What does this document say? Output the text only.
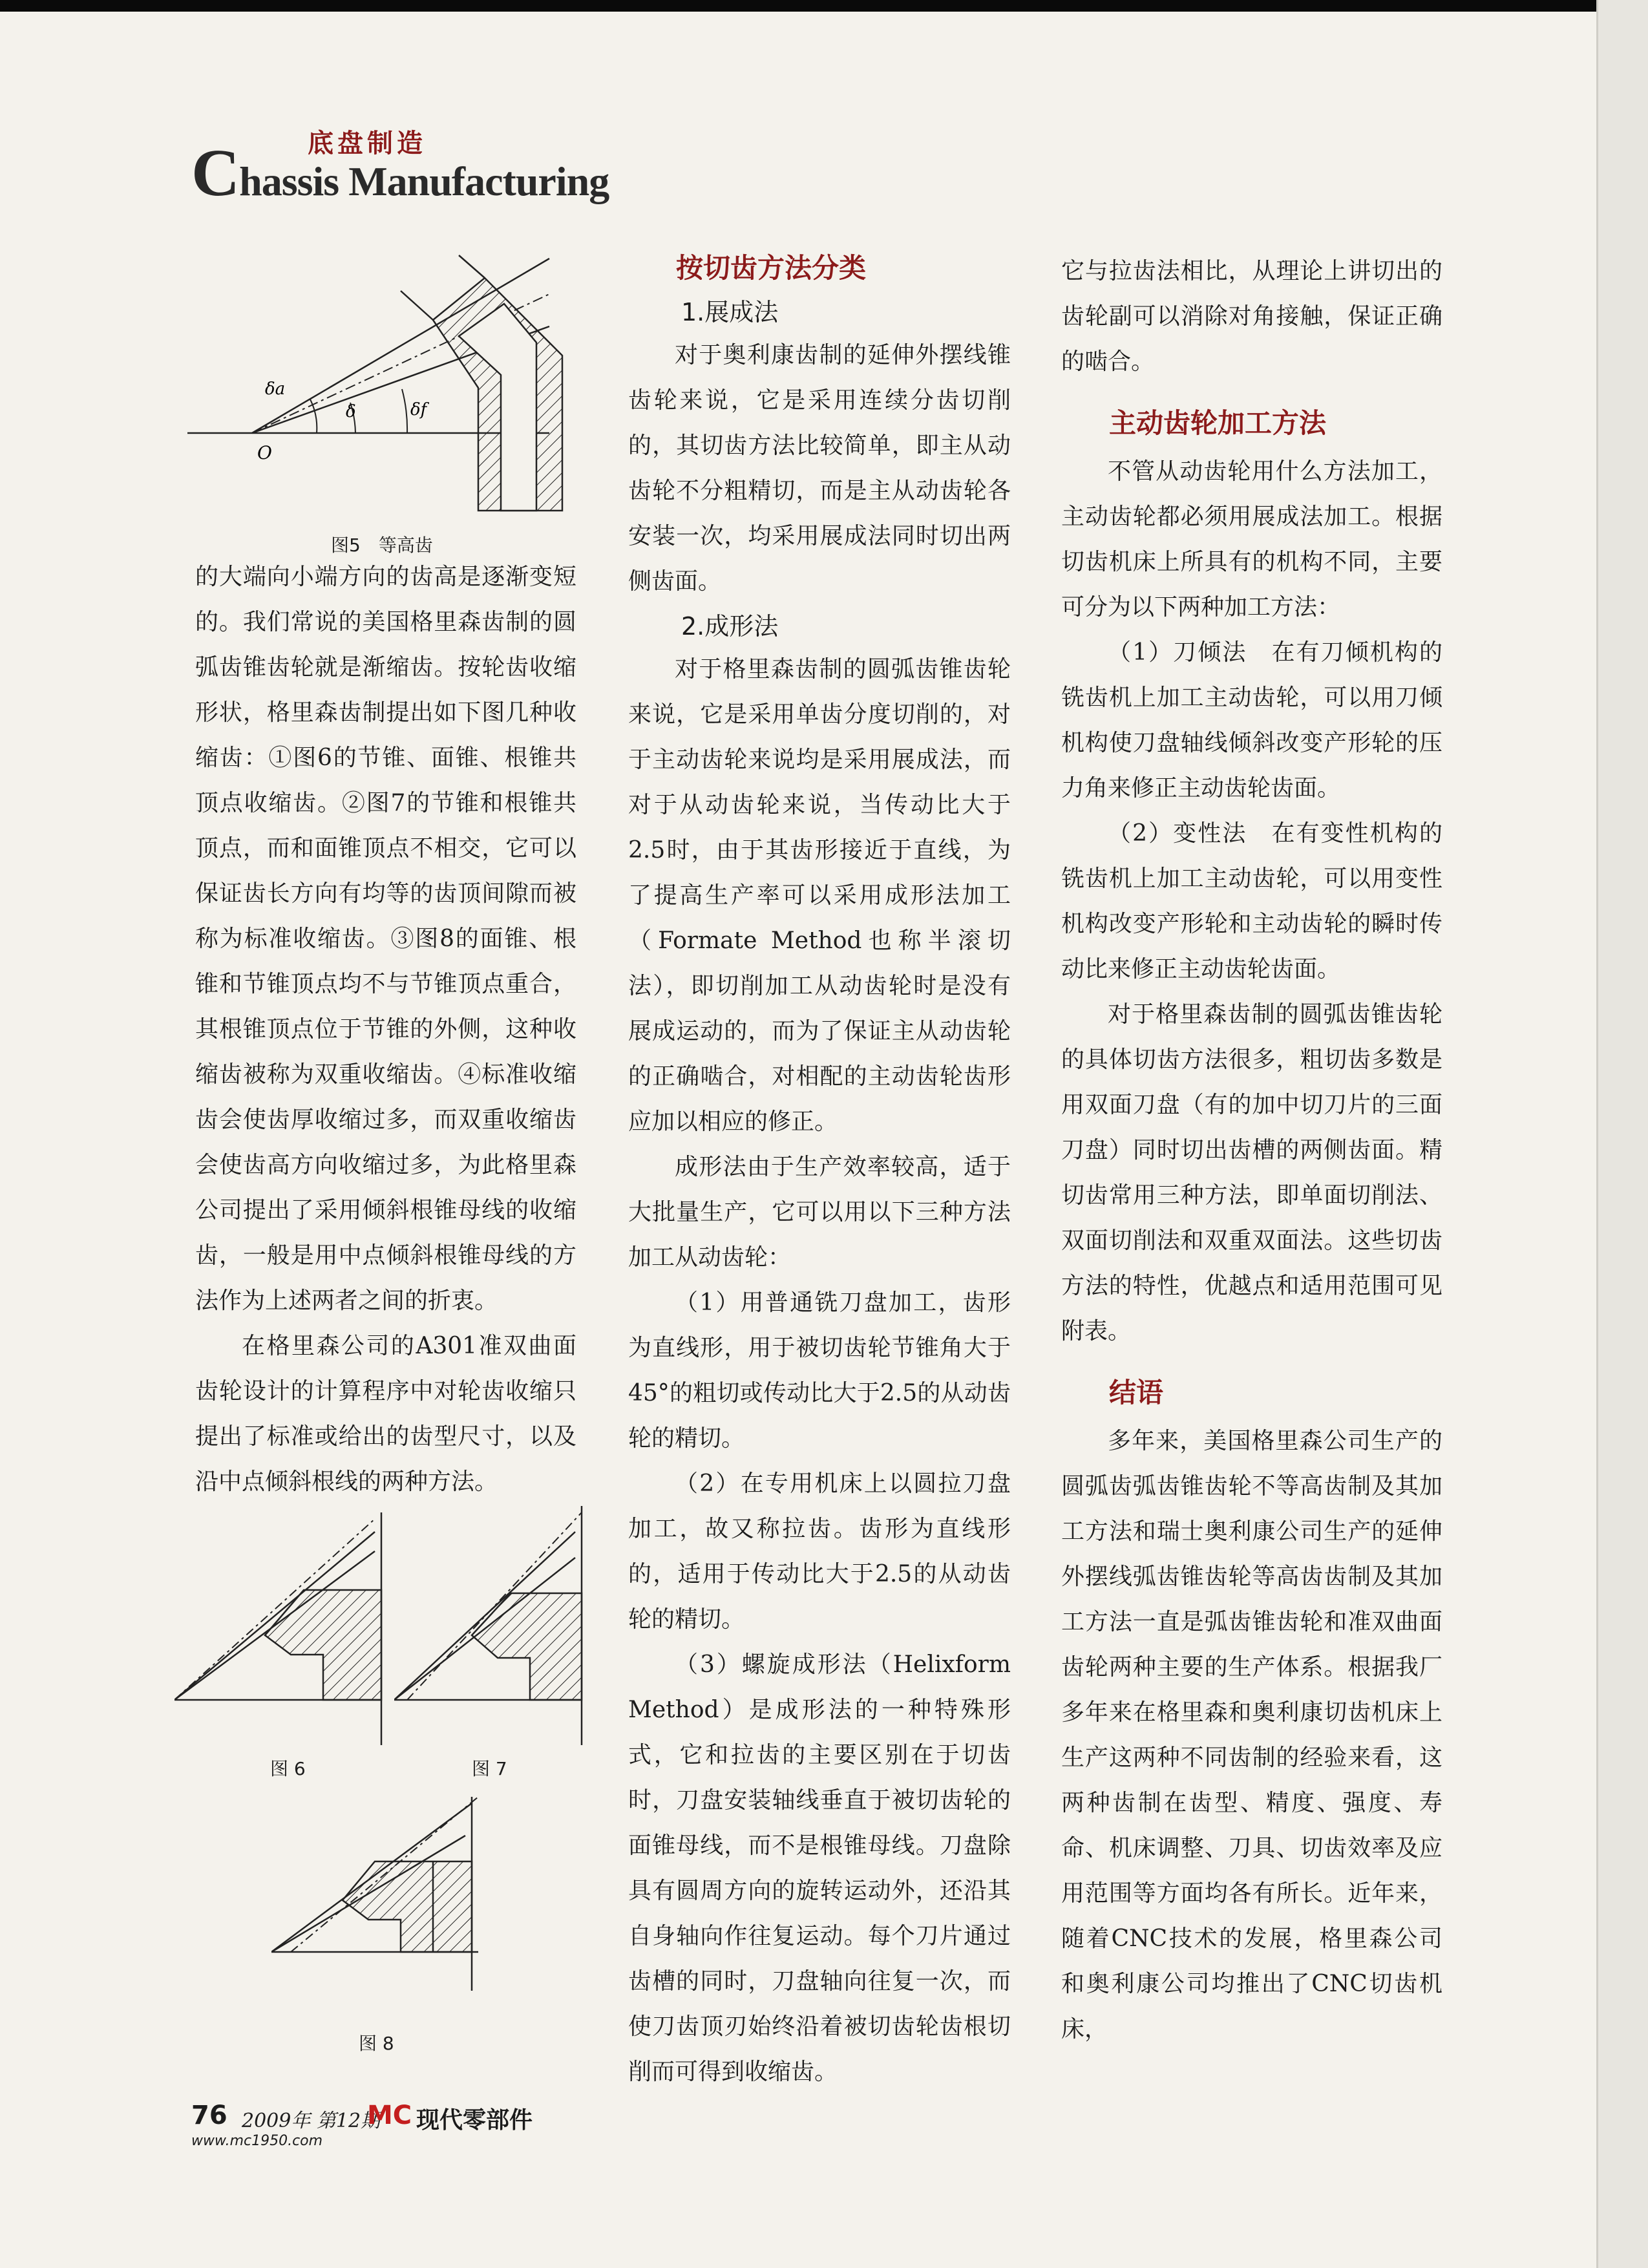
底盘制造
Chassis Manufacturing
δa
δ	δf
O
图5　等高齿

的大端向小端方向的齿高是逐渐变短的。我们常说的美国格里森齿制的圆弧齿锥齿轮就是渐缩齿。按轮齿收缩形状，格里森齿制提出如下图几种收缩齿：①图6的节锥、面锥、根锥共顶点收缩齿。②图7的节锥和根锥共顶点，而和面锥顶点不相交，它可以保证齿长方向有均等的齿顶间隙而被称为标准收缩齿。③图8的面锥、根锥和节锥顶点均不与节锥顶点重合，其根锥顶点位于节锥的外侧，这种收缩齿被称为双重收缩齿。④标准收缩齿会使齿厚收缩过多，而双重收缩齿会使齿高方向收缩过多，为此格里森公司提出了采用倾斜根锥母线的收缩齿，一般是用中点倾斜根锥母线的方法作为上述两者之间的折衷。

在格里森公司的A301准双曲面齿轮设计的计算程序中对轮齿收缩只提出了标准或给出的齿型尺寸，以及沿中点倾斜根线的两种方法。

图 6	图 7
图 8
按切齿方法分类
1.展成法

对于奥利康齿制的延伸外摆线锥齿轮来说，它是采用连续分齿切削的，其切齿方法比较简单，即主从动齿轮不分粗精切，而是主从动齿轮各安装一次，均采用展成法同时切出两侧齿面。

2.成形法

对于格里森齿制的圆弧齿锥齿轮来说，它是采用单齿分度切削的，对于主动齿轮来说均是采用展成法，而对于从动齿轮来说，当传动比大于2.5时，由于其齿形接近于直线，为了提高生产率可以采用成形法加工（Formate Method也称半滚切法），即切削加工从动齿轮时是没有展成运动的，而为了保证主从动齿轮的正确啮合，对相配的主动齿轮齿形应加以相应的修正。

成形法由于生产效率较高，适于大批量生产，它可以用以下三种方法加工从动齿轮：

（1）用普通铣刀盘加工，齿形为直线形，用于被切齿轮节锥角大于45°的粗切或传动比大于2.5的从动齿轮的精切。

（2）在专用机床上以圆拉刀盘加工，故又称拉齿。齿形为直线形的，适用于传动比大于2.5的从动齿轮的精切。

（3）螺旋成形法（Helixform Method）是成形法的一种特殊形式，它和拉齿的主要区别在于切齿时，刀盘安装轴线垂直于被切齿轮的面锥母线，而不是根锥母线。刀盘除具有圆周方向的旋转运动外，还沿其自身轴向作往复运动。每个刀片通过齿槽的同时，刀盘轴向往复一次，而使刀齿顶刃始终沿着被切齿轮齿根切削而可得到收缩齿。

它与拉齿法相比，从理论上讲切出的齿轮副可以消除对角接触，保证正确的啮合。

主动齿轮加工方法

不管从动齿轮用什么方法加工，主动齿轮都必须用展成法加工。根据切齿机床上所具有的机构不同，主要可分为以下两种加工方法：

（1）刀倾法　在有刀倾机构的铣齿机上加工主动齿轮，可以用刀倾机构使刀盘轴线倾斜改变产形轮的压力角来修正主动齿轮齿面。

（2）变性法　在有变性机构的铣齿机上加工主动齿轮，可以用变性机构改变产形轮和主动齿轮的瞬时传动比来修正主动齿轮齿面。

对于格里森齿制的圆弧齿锥齿轮的具体切齿方法很多，粗切齿多数是用双面刀盘（有的加中切刀片的三面刀盘）同时切出齿槽的两侧齿面。精切齿常用三种方法，即单面切削法、双面切削法和双重双面法。这些切齿方法的特性，优越点和适用范围可见附表。

结语

多年来，美国格里森公司生产的圆弧齿弧齿锥齿轮不等高齿制及其加工方法和瑞士奥利康公司生产的延伸外摆线弧齿锥齿轮等高齿齿制及其加工方法一直是弧齿锥齿轮和准双曲面齿轮两种主要的生产体系。根据我厂多年来在格里森和奥利康切齿机床上生产这两种不同齿制的经验来看，这两种齿制在齿型、精度、强度、寿命、机床调整、刀具、切齿效率及应用范围等方面均各有所长。近年来，随着CNC技术的发展，格里森公司和奥利康公司均推出了CNC切齿机床，

76 2009年 第12期
MC 现代零部件
www.mc1950.com
